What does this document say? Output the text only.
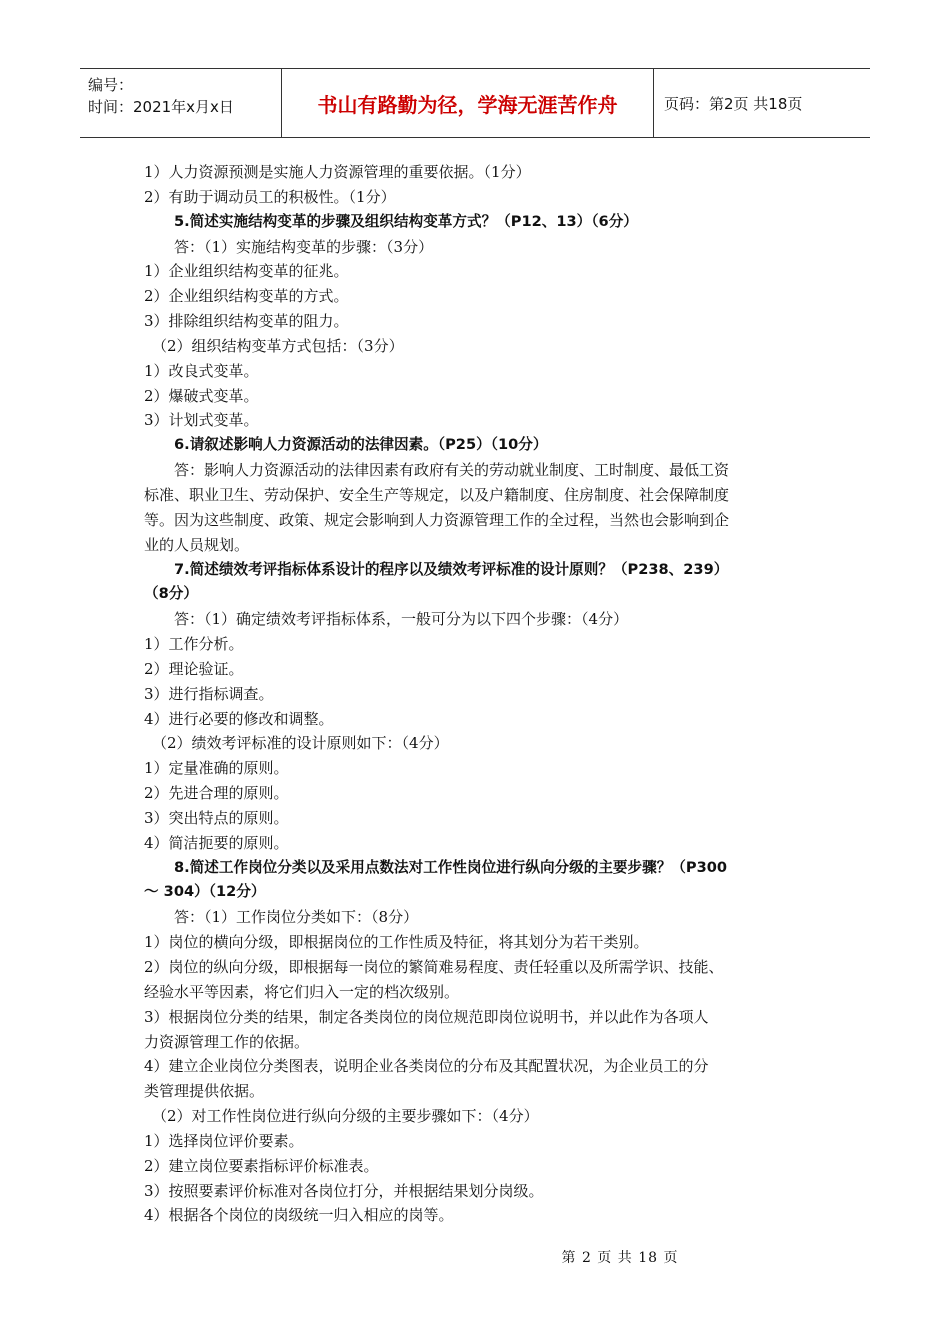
编号：
时间：2021年x月x日	书山有路勤为径，学海无涯苦作舟	页码：第2页 共18页
1）人力资源预测是实施人力资源管理的重要依据。（1分）
2）有助于调动员工的积极性。（1分）
5.简述实施结构变革的步骤及组织结构变革方式？（P12、13）（6分）
答：（1）实施结构变革的步骤：（3分）
1）企业组织结构变革的征兆。
2）企业组织结构变革的方式。
3）排除组织结构变革的阻力。
（2）组织结构变革方式包括：（3分）
1）改良式变革。
2）爆破式变革。
3）计划式变革。
6.请叙述影响人力资源活动的法律因素。（P25）（10分）
答：影响人力资源活动的法律因素有政府有关的劳动就业制度、工时制度、最低工资
标准、职业卫生、劳动保护、安全生产等规定，以及户籍制度、住房制度、社会保障制度
等。因为这些制度、政策、规定会影响到人力资源管理工作的全过程，当然也会影响到企
业的人员规划。
7.简述绩效考评指标体系设计的程序以及绩效考评标准的设计原则？（P238、239）
（8分）
答：（1）确定绩效考评指标体系，一般可分为以下四个步骤：（4分）
1）工作分析。
2）理论验证。
3）进行指标调查。
4）进行必要的修改和调整。
（2）绩效考评标准的设计原则如下：（4分）
1）定量准确的原则。
2）先进合理的原则。
3）突出特点的原则。
4）简洁扼要的原则。
8.简述工作岗位分类以及采用点数法对工作性岗位进行纵向分级的主要步骤？（P300
～ 304）（12分）
答：（1）工作岗位分类如下：（8分）
1）岗位的横向分级，即根据岗位的工作性质及特征，将其划分为若干类别。
2）岗位的纵向分级，即根据每一岗位的繁简难易程度、责任轻重以及所需学识、技能、
经验水平等因素，将它们归入一定的档次级别。
3）根据岗位分类的结果，制定各类岗位的岗位规范即岗位说明书，并以此作为各项人
力资源管理工作的依据。
4）建立企业岗位分类图表，说明企业各类岗位的分布及其配置状况，为企业员工的分
类管理提供依据。
（2）对工作性岗位进行纵向分级的主要步骤如下：（4分）
1）选择岗位评价要素。
2）建立岗位要素指标评价标准表。
3）按照要素评价标准对各岗位打分，并根据结果划分岗级。
4）根据各个岗位的岗级统一归入相应的岗等。
第 2 页 共 18 页
